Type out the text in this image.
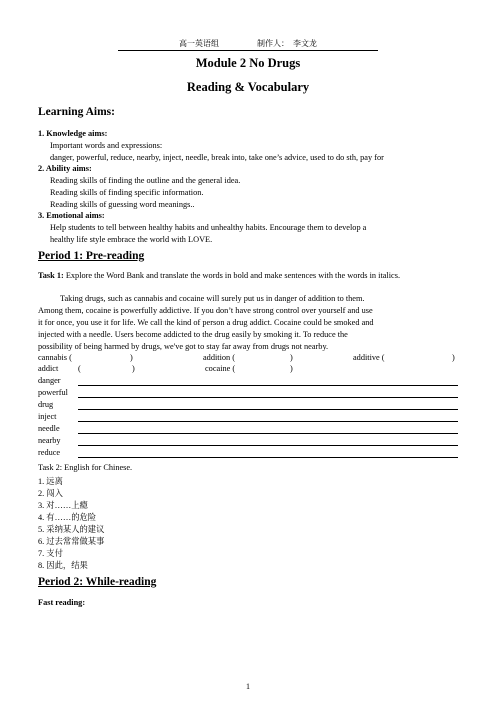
高一英语组	制作人： 李文龙
Module 2 No Drugs
Reading & Vocabulary
Learning Aims:
1. Knowledge aims:
Important words and expressions:
danger, powerful, reduce, nearby, inject, needle, break into, take one’s advice, used to do sth, pay for
2. Ability aims:
Reading skills of finding the outline and the general idea.
Reading skills of finding specific information.
Reading skills of guessing word meanings..
3. Emotional aims:
Help students to tell between healthy habits and unhealthy habits. Encourage them to develop a
healthy life style embrace the world with LOVE.
Period 1: Pre-reading
Task 1: Explore the Word Bank and translate the words in bold and make sentences with the words in italics.
Taking drugs, such as cannabis and cocaine will surely put us in danger of addition to them.
Among them, cocaine is powerfully addictive. If you don’t have strong control over yourself and use
it for once, you use it for life. We call the kind of person a drug addict. Cocaine could be smoked and
injected with a needle. Users become addicted to the drug easily by smoking it. To reduce the
possibility of being harmed by drugs, we've got to stay far away from drugs not nearby.
cannabis (	)	addition (	)	additive (	)
addict (	)	cocaine (	)
danger
powerful
drug
inject
needle
nearby
reduce
Task 2: English for Chinese.
1. 远离
2. 闯入
3. 对……上瘾
4. 有……的危险
5. 采纳某人的建议
6. 过去常常做某事
7. 支付
8. 因此，结果
Period 2: While-reading
Fast reading:
1
